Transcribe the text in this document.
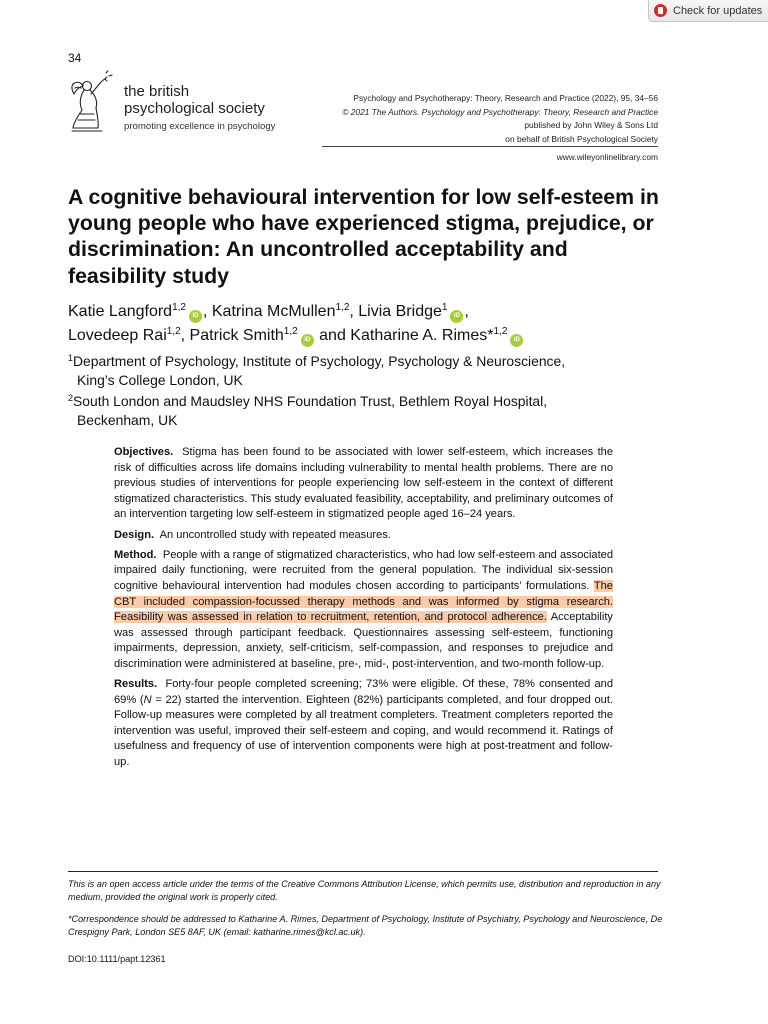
Check for updates
34
the british
psychological society
promoting excellence in psychology
Psychology and Psychotherapy: Theory, Research and Practice (2022), 95, 34–56
© 2021 The Authors. Psychology and Psychotherapy: Theory, Research and Practice
published by John Wiley & Sons Ltd
on behalf of British Psychological Society
www.wileyonlinelibrary.com
A cognitive behavioural intervention for low self-esteem in young people who have experienced stigma, prejudice, or discrimination: An uncontrolled acceptability and feasibility study
Katie Langford$^{1,2}$iD , Katrina McMullen$^{1,2}$, Livia Bridge$^1$iD ,
Lovedeep Rai$^{1,2}$, Patrick Smith$^{1,2}$iD and Katharine A. Rimes*$^{1,2}$iD
$^1$Department of Psychology, Institute of Psychology, Psychology & Neuroscience,
King’s College London, UK
$^2$South London and Maudsley NHS Foundation Trust, Bethlem Royal Hospital,
Beckenham, UK

Objectives. Stigma has been found to be associated with lower self-esteem, which increases the risk of difficulties across life domains including vulnerability to mental health problems. There are no previous studies of interventions for people experiencing low self-esteem in the context of different stigmatized characteristics. This study evaluated feasibility, acceptability, and preliminary outcomes of an intervention targeting low self-esteem in stigmatized people aged 16–24 years.

Design. An uncontrolled study with repeated measures.

Method. People with a range of stigmatized characteristics, who had low self-esteem and associated impaired daily functioning, were recruited from the general population. The individual six-session cognitive behavioural intervention had modules chosen according to participants’ formulations. The CBT included compassion-focussed therapy methods and was informed by stigma research. Feasibility was assessed in relation to recruitment, retention, and protocol adherence. Acceptability was assessed through participant feedback. Questionnaires assessing self-esteem, functioning impairments, depression, anxiety, self-criticism, self-compassion, and responses to prejudice and discrimination were administered at baseline, pre-, mid-, post-intervention, and two-month follow-up.

Results. Forty-four people completed screening; 73% were eligible. Of these, 78% consented and 69% (N = 22) started the intervention. Eighteen (82%) participants completed, and four dropped out. Follow-up measures were completed by all treatment completers. Treatment completers reported the intervention was useful, improved their self-esteem and coping, and would recommend it. Ratings of usefulness and frequency of use of intervention components were high at post-treatment and follow-up.

This is an open access article under the terms of the Creative Commons Attribution License, which permits use, distribution and reproduction in any medium, provided the original work is properly cited.
*Correspondence should be addressed to Katharine A. Rimes, Department of Psychology, Institute of Psychiatry, Psychology and Neuroscience, De Crespigny Park, London SE5 8AF, UK (email: katharine.rimes@kcl.ac.uk).
DOI:10.1111/papt.12361
